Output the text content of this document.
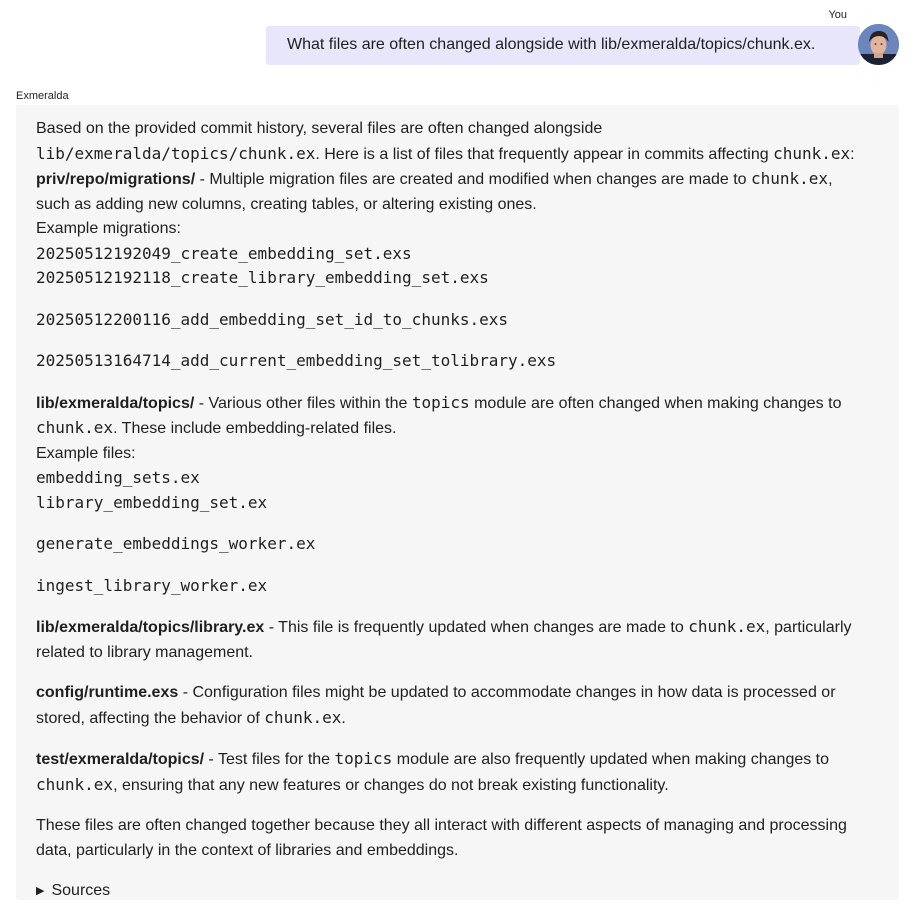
You
What files are often changed alongside with lib/exmeralda/topics/chunk.ex.
Exmeralda

Based on the provided commit history, several files are often changed alongside
lib/exmeralda/topics/chunk.ex. Here is a list of files that frequently appear in commits affecting chunk.ex:

priv/repo/migrations/ - Multiple migration files are created and modified when changes are made to chunk.ex,
such as adding new columns, creating tables, or altering existing ones.
Example migrations:

20250512192049_create_embedding_set.exs

20250512192118_create_library_embedding_set.exs

20250512200116_add_embedding_set_id_to_chunks.exs

20250513164714_add_current_embedding_set_tolibrary.exs

lib/exmeralda/topics/ - Various other files within the topics module are often changed when making changes to
chunk.ex. These include embedding-related files.
Example files:

embedding_sets.ex

library_embedding_set.ex

generate_embeddings_worker.ex

ingest_library_worker.ex

lib/exmeralda/topics/library.ex - This file is frequently updated when changes are made to chunk.ex, particularly
related to library management.

config/runtime.exs - Configuration files might be updated to accommodate changes in how data is processed or
stored, affecting the behavior of chunk.ex.

test/exmeralda/topics/ - Test files for the topics module are also frequently updated when making changes to
chunk.ex, ensuring that any new features or changes do not break existing functionality.

These files are often changed together because they all interact with different aspects of managing and processing
data, particularly in the context of libraries and embeddings.

▶ Sources
